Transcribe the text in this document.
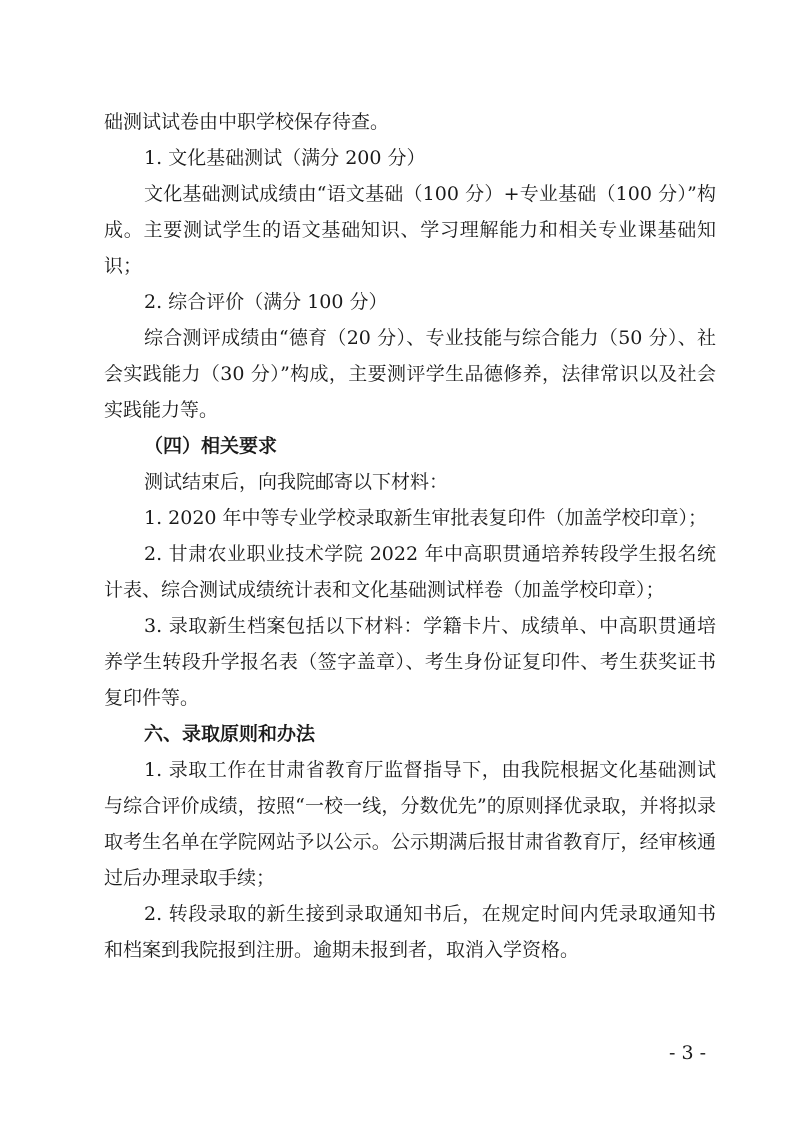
础测试试卷由中职学校保存待查。

1. 文化基础测试（满分 200 分）

文化基础测试成绩由“语文基础（100 分）+专业基础（100 分）”构成。主要测试学生的语文基础知识、学习理解能力和相关专业课基础知识；

2. 综合评价（满分 100 分）

综合测评成绩由“德育（20 分）、专业技能与综合能力（50 分）、社会实践能力（30 分）”构成，主要测评学生品德修养，法律常识以及社会实践能力等。

（四）相关要求

测试结束后，向我院邮寄以下材料：

1. 2020 年中等专业学校录取新生审批表复印件（加盖学校印章）；

2. 甘肃农业职业技术学院 2022 年中高职贯通培养转段学生报名统计表、综合测试成绩统计表和文化基础测试样卷（加盖学校印章）；

3. 录取新生档案包括以下材料：学籍卡片、成绩单、中高职贯通培养学生转段升学报名表（签字盖章）、考生身份证复印件、考生获奖证书复印件等。

六、录取原则和办法

1. 录取工作在甘肃省教育厅监督指导下，由我院根据文化基础测试与综合评价成绩，按照“一校一线，分数优先”的原则择优录取，并将拟录取考生名单在学院网站予以公示。公示期满后报甘肃省教育厅，经审核通过后办理录取手续；

2. 转段录取的新生接到录取通知书后，在规定时间内凭录取通知书和档案到我院报到注册。逾期未报到者，取消入学资格。

- 3 -
